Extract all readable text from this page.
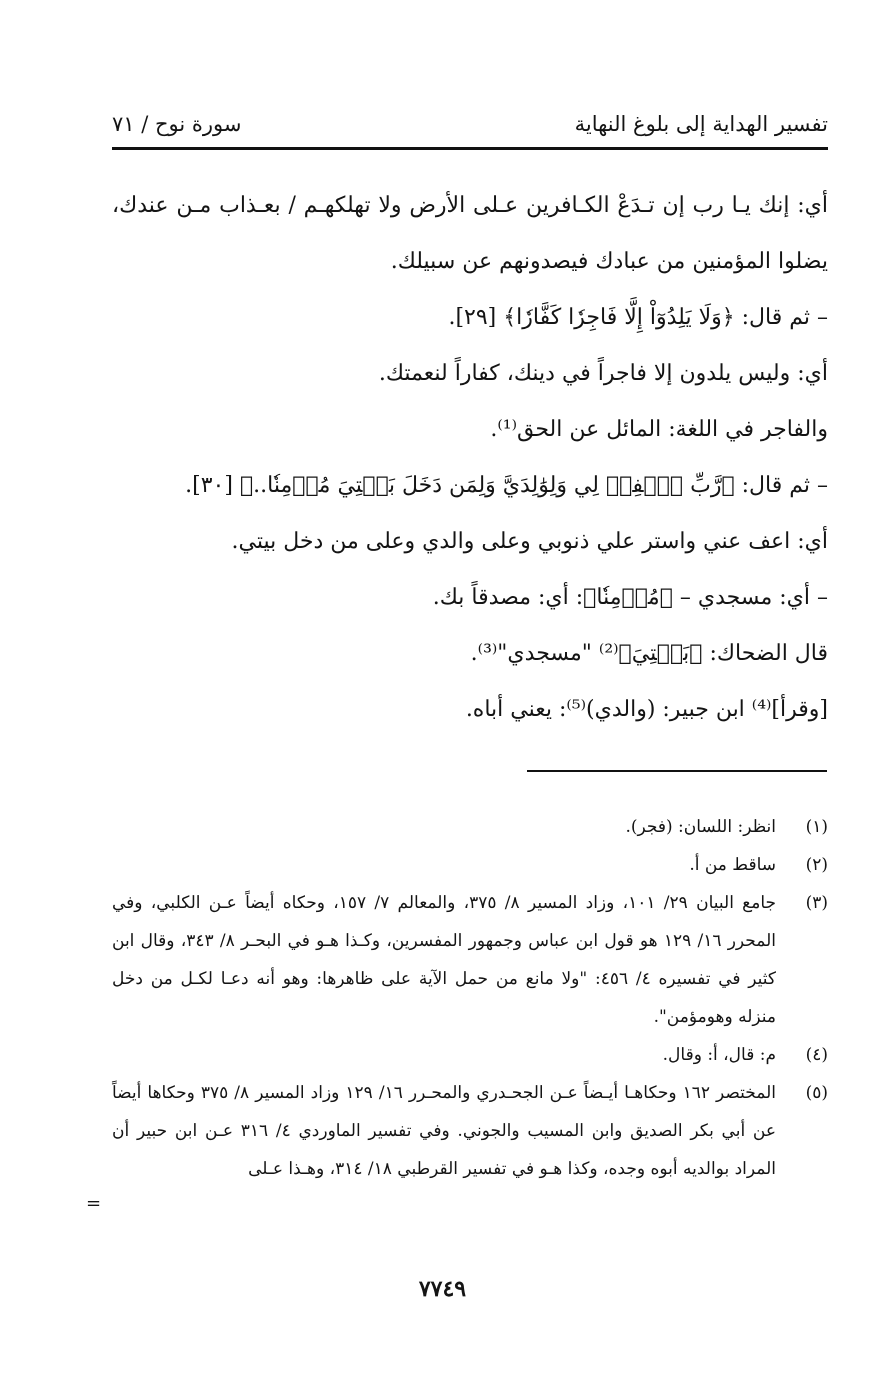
تفسير الهداية إلى بلوغ النهاية
سورة نوح / ٧١

أي: إنك يـا رب إن تـدَعْ الكـافرين عـلى الأرض ولا تهلكهـم / بعـذاب مـن عندك، يضلوا المؤمنين من عبادك فيصدونهم عن سبيلك.

– ثم قال: ﴿وَلَا يَلِدُوٓاْ إِلَّا فَاجِرٗا كَفَّارٗا﴾ [٢٩].

أي: وليس يلدون إلا فاجراً في دينك، كفاراً لنعمتك.

والفاجر في اللغة: المائل عن الحق⁽¹⁾.

– ثم قال: ﴿رَّبِّ ٱغۡفِرۡ لِي وَلِوَٰلِدَيَّ وَلِمَن دَخَلَ بَيۡتِيَ مُؤۡمِنٗا..﴾ [٣٠].

أي: اعف عني واستر علي ذنوبي وعلى والدي وعلى من دخل بيتي.

– أي: مسجدي – ﴿مُؤۡمِنٗا﴾: أي: مصدقاً بك.

قال الضحاك: ﴿بَيۡتِيَ﴾⁽²⁾ "مسجدي"⁽³⁾.

[وقرأ]⁽⁴⁾ ابن جبير: (والدي)⁽⁵⁾: يعني أباه.

(١)
انظر: اللسان: (فجر).
(٢)
ساقط من أ.
(٣)
جامع البيان ٢٩/ ١٠١، وزاد المسير ٨/ ٣٧٥، والمعالم ٧/ ١٥٧، وحكاه أيضاً عـن الكلبي، وفي المحرر ١٦/ ١٢٩ هو قول ابن عباس وجمهور المفسرين، وكـذا هـو في البحـر ٨/ ٣٤٣، وقال ابن كثير في تفسيره ٤/ ٤٥٦: "ولا مانع من حمل الآية على ظاهرها: وهو أنه دعـا لكـل من دخل منزله وهومؤمن".
(٤)
م: قال، أ: وقال.
(٥)
المختصر ١٦٢ وحكاهـا أيـضاً عـن الجحـدري والمحـرر ١٦/ ١٢٩ وزاد المسير ٨/ ٣٧٥ وحكاها أيضاً عن أبي بكر الصديق وابن المسيب والجوني. وفي تفسير الماوردي ٤/ ٣١٦ عـن ابن حبير أن المراد بوالديه أبوه وجده، وكذا هـو في تفسير القرطبي ١٨/ ٣١٤، وهـذا عـلى
=
٧٧٤٩
